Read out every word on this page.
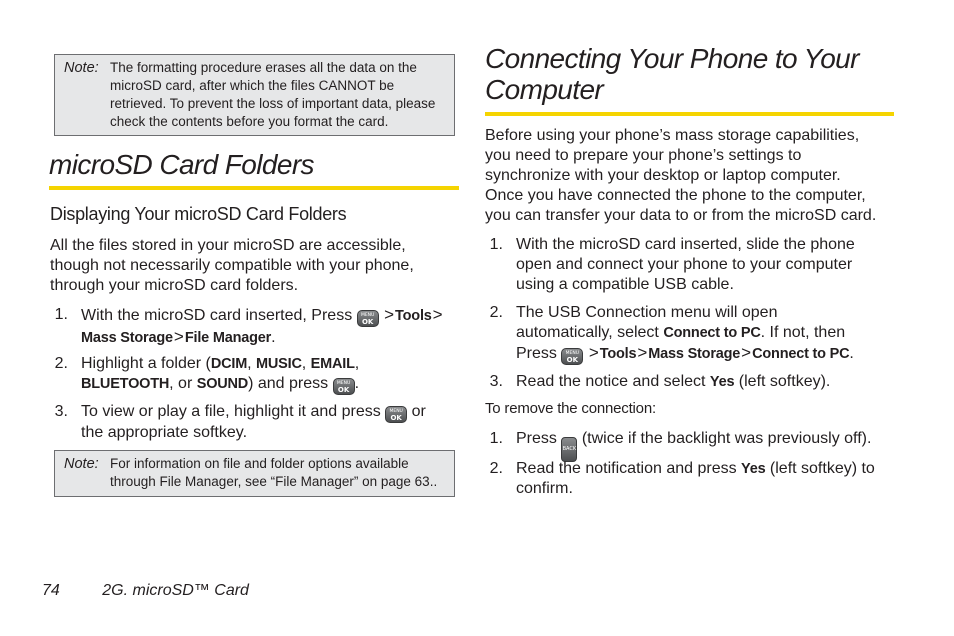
Note: The formatting procedure erases all the data on the
microSD card, after which the files CANNOT be
retrieved. To prevent the loss of important data, please
check the contents before you format the card.
microSD Card Folders
Displaying Your microSD Card Folders
All the files stored in your microSD are accessible,
though not necessarily compatible with your phone,
through your microSD card folders.
1. With the microSD card inserted, Press	MENU
OK >Tools>
Mass Storage>File Manager.
2. Highlight a folder (DCIM, MUSIC, EMAIL,
BLUETOOTH, or SOUND) and press	MENU
OK .
3. To view or play a file, highlight it and press	MENU
OK or
the appropriate softkey.
Note: For information on file and folder options available
through File Manager, see “File Manager” on page 63..
Connecting Your Phone to Your
Computer
Before using your phone’s mass storage capabilities,
you need to prepare your phone’s settings to
synchronize with your desktop or laptop computer.
Once you have connected the phone to the computer,
you can transfer your data to or from the microSD card.
1. With the microSD card inserted, slide the phone
open and connect your phone to your computer
using a compatible USB cable.
2. The USB Connection menu will open
automatically, select Connect to PC. If not, then
Press	MENU
OK >Tools>Mass Storage>Connect to PC.
3. Read the notice and select Yes (left softkey).
To remove the connection:
1. Press BACK (twice if the backlight was previously off).
2. Read the notification and press Yes (left softkey) to
confirm.
74	2G. microSD™ Card
